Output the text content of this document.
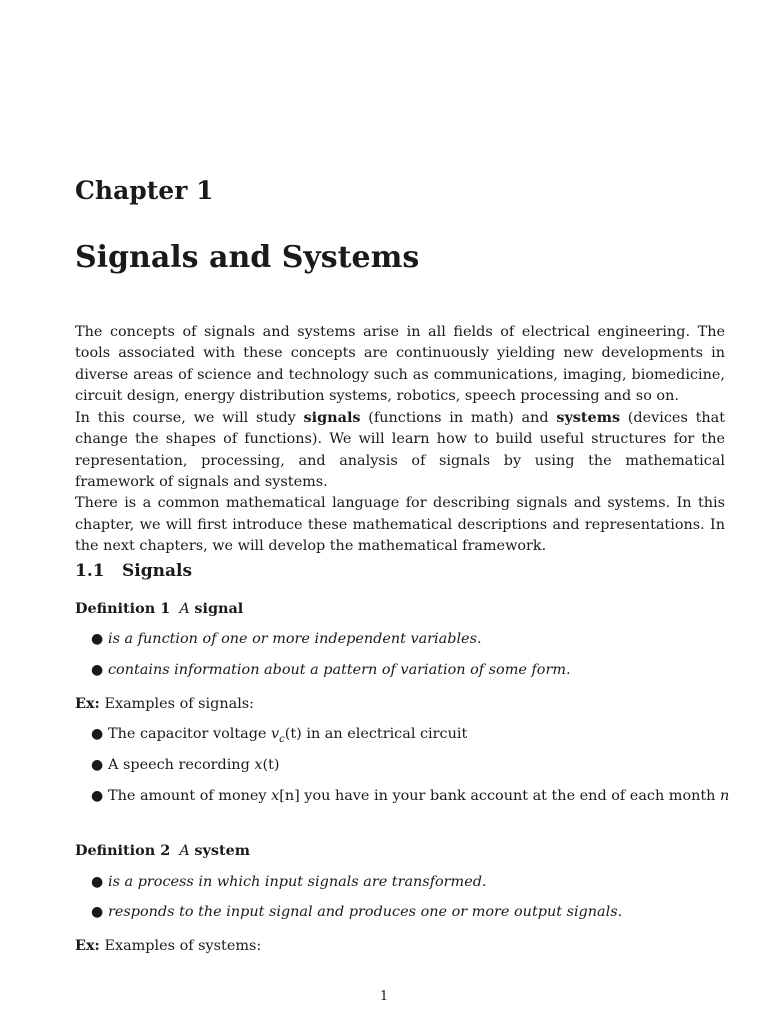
Chapter 1
Signals and Systems

The concepts of signals and systems arise in all fields of electrical engineering. The tools associated with these concepts are continuously yielding new developments in diverse areas of science and technology such as communications, imaging, biomedicine, circuit design, energy distribution systems, robotics, speech processing and so on.

In this course, we will study signals (functions in math) and systems (devices that change the shapes of functions). We will learn how to build useful structures for the representation, processing, and analysis of signals by using the mathematical framework of signals and systems.

There is a common mathematical language for describing signals and systems. In this chapter, we will first introduce these mathematical descriptions and representations. In the next chapters, we will develop the mathematical framework.

1.1 Signals
Definition 1 A signal
● is a function of one or more independent variables.
● contains information about a pattern of variation of some form.
Ex: Examples of signals:
● The capacitor voltage $v_c(t)$ in an electrical circuit
● A speech recording x(t)
● The amount of money x[n] you have in your bank account at the end of each month n
Definition 2 A system
● is a process in which input signals are transformed.
● responds to the input signal and produces one or more output signals.
Ex: Examples of systems:
1
